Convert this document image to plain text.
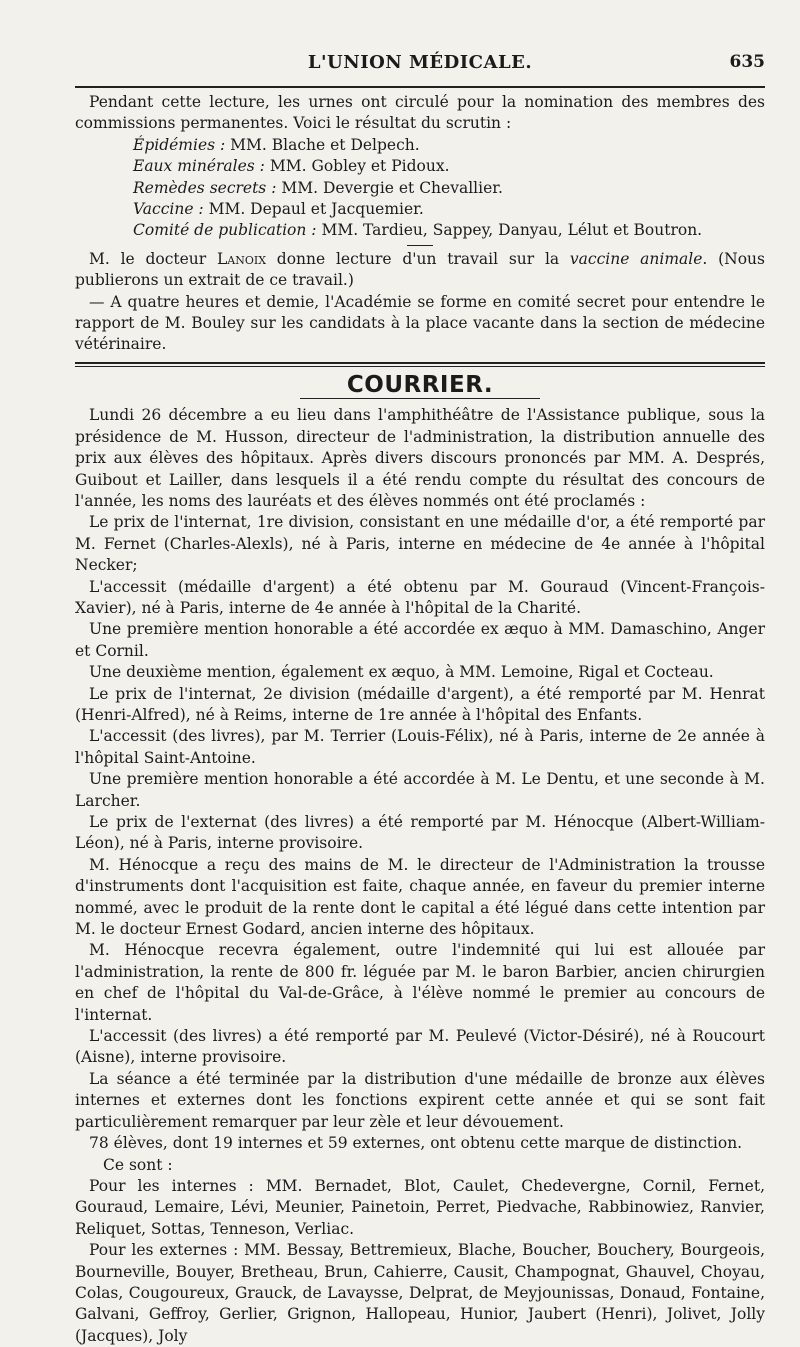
L'UNION MÉDICALE.	635

Pendant cette lecture, les urnes ont circulé pour la nomination des membres des commissions permanentes. Voici le résultat du scrutin :

Épidémies : MM. Blache et Delpech.

Eaux minérales : MM. Gobley et Pidoux.

Remèdes secrets : MM. Devergie et Chevallier.

Vaccine : MM. Depaul et Jacquemier.

Comité de publication : MM. Tardieu, Sappey, Danyau, Lélut et Boutron.

M. le docteur Lanoix donne lecture d'un travail sur la vaccine animale. (Nous publierons un extrait de ce travail.)

— A quatre heures et demie, l'Académie se forme en comité secret pour entendre le rapport de M. Bouley sur les candidats à la place vacante dans la section de médecine vétérinaire.

COURRIER.

Lundi 26 décembre a eu lieu dans l'amphithéâtre de l'Assistance publique, sous la présidence de M. Husson, directeur de l'administration, la distribution annuelle des prix aux élèves des hôpitaux. Après divers discours prononcés par MM. A. Després, Guibout et Lailler, dans lesquels il a été rendu compte du résultat des concours de l'année, les noms des lauréats et des élèves nommés ont été proclamés :

Le prix de l'internat, 1re division, consistant en une médaille d'or, a été remporté par M. Fernet (Charles-Alexls), né à Paris, interne en médecine de 4e année à l'hôpital Necker;

L'accessit (médaille d'argent) a été obtenu par M. Gouraud (Vincent-François-Xavier), né à Paris, interne de 4e année à l'hôpital de la Charité.

Une première mention honorable a été accordée ex æquo à MM. Damaschino, Anger et Cornil.

Une deuxième mention, également ex æquo, à MM. Lemoine, Rigal et Cocteau.

Le prix de l'internat, 2e division (médaille d'argent), a été remporté par M. Henrat (Henri-Alfred), né à Reims, interne de 1re année à l'hôpital des Enfants.

L'accessit (des livres), par M. Terrier (Louis-Félix), né à Paris, interne de 2e année à l'hôpital Saint-Antoine.

Une première mention honorable a été accordée à M. Le Dentu, et une seconde à M. Larcher.

Le prix de l'externat (des livres) a été remporté par M. Hénocque (Albert-William-Léon), né à Paris, interne provisoire.

M. Hénocque a reçu des mains de M. le directeur de l'Administration la trousse d'instruments dont l'acquisition est faite, chaque année, en faveur du premier interne nommé, avec le produit de la rente dont le capital a été légué dans cette intention par M. le docteur Ernest Godard, ancien interne des hôpitaux.

M. Hénocque recevra également, outre l'indemnité qui lui est allouée par l'administration, la rente de 800 fr. léguée par M. le baron Barbier, ancien chirurgien en chef de l'hôpital du Val-de-Grâce, à l'élève nommé le premier au concours de l'internat.

L'accessit (des livres) a été remporté par M. Peulevé (Victor-Désiré), né à Roucourt (Aisne), interne provisoire.

La séance a été terminée par la distribution d'une médaille de bronze aux élèves internes et externes dont les fonctions expirent cette année et qui se sont fait particulièrement remarquer par leur zèle et leur dévouement.

78 élèves, dont 19 internes et 59 externes, ont obtenu cette marque de distinction.

Ce sont :

Pour les internes : MM. Bernadet, Blot, Caulet, Chedevergne, Cornil, Fernet, Gouraud, Lemaire, Lévi, Meunier, Painetoin, Perret, Piedvache, Rabbinowiez, Ranvier, Reliquet, Sottas, Tenneson, Verliac.

Pour les externes : MM. Bessay, Bettremieux, Blache, Boucher, Bouchery, Bourgeois, Bourneville, Bouyer, Bretheau, Brun, Cahierre, Causit, Champognat, Ghauvel, Choyau, Colas, Cougoureux, Grauck, de Lavaysse, Delprat, de Meyjounissas, Donaud, Fontaine, Galvani, Geffroy, Gerlier, Grignon, Hallopeau, Hunior, Jaubert (Henri), Jolivet, Jolly (Jacques), Joly
